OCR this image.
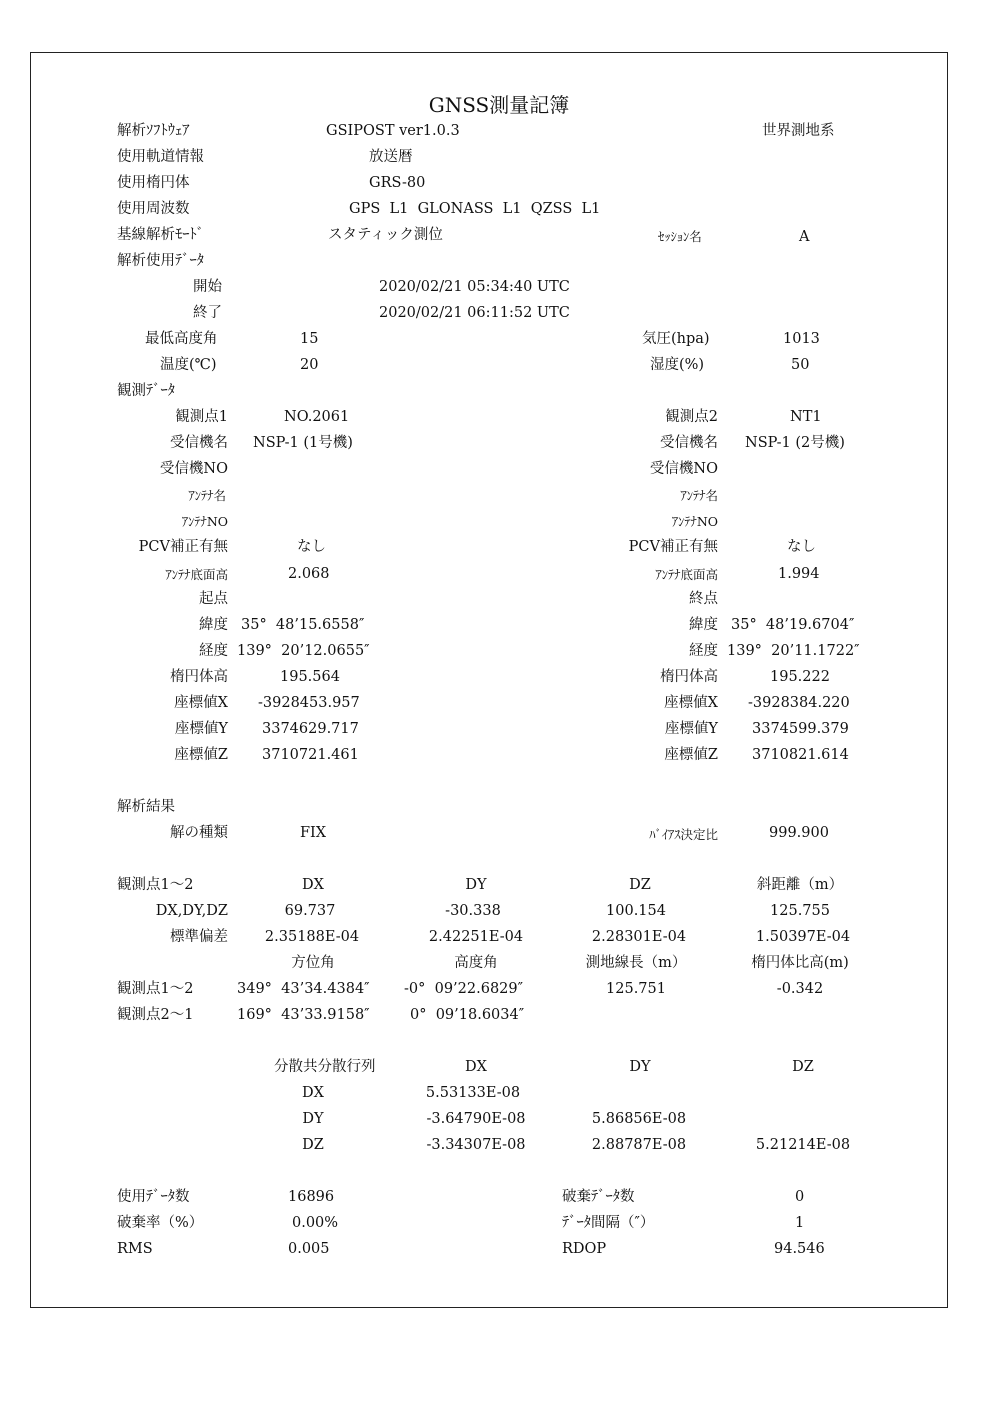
GNSS測量記簿
解析ｿﾌﾄｳｪｱ	GSIPOST ver1.0.3	世界測地系
使用軌道情報	放送暦
使用楕円体	GRS-80
使用周波数	GPS  L1  GLONASS  L1  QZSS  L1
基線解析ﾓｰﾄﾞ	スタティック測位	ｾｯｼｮﾝ名	A
解析使用ﾃﾞｰﾀ
開始	2020/02/21 05:34:40 UTC
終了	2020/02/21 06:11:52 UTC
最低高度角	15	気圧(hpa)	1013
温度(℃)	20	湿度(%)	50
観測ﾃﾞｰﾀ
観測点1	NO.2061
受信機名 NSP-1 (1号機)
受信機NO
ｱﾝﾃﾅ名
ｱﾝﾃﾅNO
PCV補正有無	なし
ｱﾝﾃﾅ底面高	2.068
起点
緯度 35°  48’15.6558″
経度 139°  20’12.0655″
楕円体高	195.564
座標値X -3928453.957
座標値Y 3374629.717
座標値Z 3710721.461
観測点2	NT1
受信機名 NSP-1 (2号機)
受信機NO
ｱﾝﾃﾅ名
ｱﾝﾃﾅNO
PCV補正有無	なし
ｱﾝﾃﾅ底面高	1.994
終点
緯度 35°  48’19.6704″
経度 139°  20’11.1722″
楕円体高	195.222
座標値X -3928384.220
座標値Y 3374599.379
座標値Z 3710821.614
解析結果
解の種類	FIX	ﾊﾞｲｱｽ決定比	999.900
観測点1～2	DX	DY	DZ	斜距離（m）
DX,DY,DZ	69.737	-30.338	100.154	125.755
標準偏差	2.35188E-04	2.42251E-04	2.28301E-04	1.50397E-04
方位角	高度角	測地線長（m）	楕円体比高(m)
観測点1～2	349°  43’34.4384″ -0°  09’22.6829″	125.751	-0.342
観測点2～1	169°  43’33.9158″	0°  09’18.6034″
分散共分散行列	DX	DY	DZ
DX	5.53133E-08
DY	-3.64790E-08	5.86856E-08
DZ	-3.34307E-08	2.88787E-08	5.21214E-08
使用ﾃﾞｰﾀ数	16896	破棄ﾃﾞｰﾀ数	0
破棄率（%）	0.00%	ﾃﾞｰﾀ間隔（″）	1
RMS	0.005	RDOP	94.546
